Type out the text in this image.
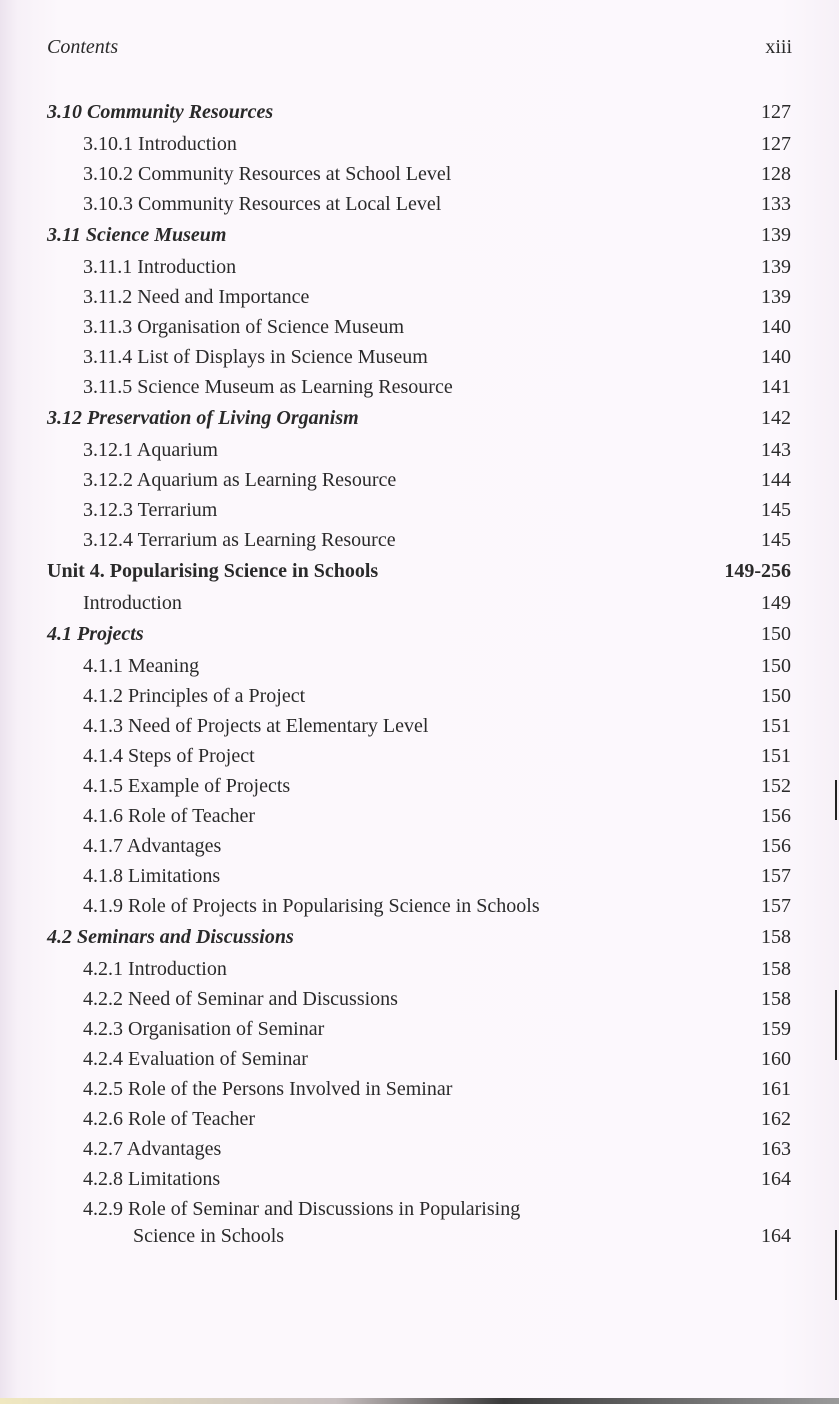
Contents	xiii
3.10 Community Resources	127
3.10.1 Introduction	127
3.10.2 Community Resources at School Level	128
3.10.3 Community Resources at Local Level	133
3.11 Science Museum	139
3.11.1 Introduction	139
3.11.2 Need and Importance	139
3.11.3 Organisation of Science Museum	140
3.11.4 List of Displays in Science Museum	140
3.11.5 Science Museum as Learning Resource	141
3.12 Preservation of Living Organism	142
3.12.1 Aquarium	143
3.12.2 Aquarium as Learning Resource	144
3.12.3 Terrarium	145
3.12.4 Terrarium as Learning Resource	145
Unit 4. Popularising Science in Schools	149-256
Introduction	149
4.1 Projects	150
4.1.1 Meaning	150
4.1.2 Principles of a Project	150
4.1.3 Need of Projects at Elementary Level	151
4.1.4 Steps of Project	151
4.1.5 Example of Projects	152
4.1.6 Role of Teacher	156
4.1.7 Advantages	156
4.1.8 Limitations	157
4.1.9 Role of Projects in Popularising Science in Schools	157
4.2 Seminars and Discussions	158
4.2.1 Introduction	158
4.2.2 Need of Seminar and Discussions	158
4.2.3 Organisation of Seminar	159
4.2.4 Evaluation of Seminar	160
4.2.5 Role of the Persons Involved in Seminar	161
4.2.6 Role of Teacher	162
4.2.7 Advantages	163
4.2.8 Limitations	164
4.2.9 Role of Seminar and Discussions in Popularising
Science in Schools	164
